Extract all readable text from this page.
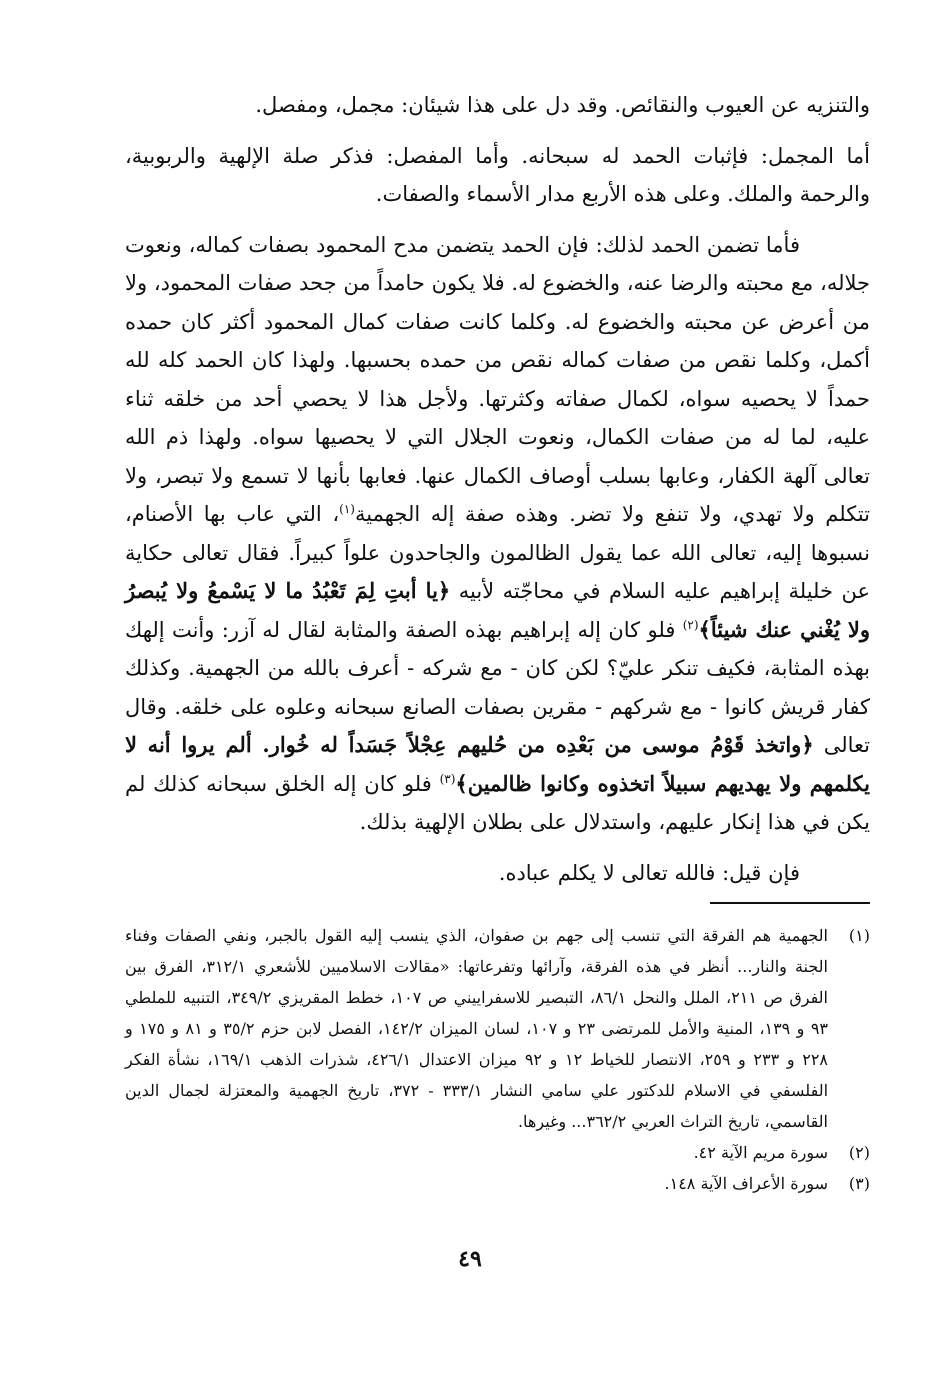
والتنزيه عن العيوب والنقائص. وقد دل على هذا شيئان: مجمل، ومفصل.

أما المجمل: فإثبات الحمد له سبحانه. وأما المفصل: فذكر صلة الإلهية والربوبية، والرحمة والملك. وعلى هذه الأربع مدار الأسماء والصفات.

فأما تضمن الحمد لذلك: فإن الحمد يتضمن مدح المحمود بصفات كماله، ونعوت جلاله، مع محبته والرضا عنه، والخضوع له. فلا يكون حامداً من جحد صفات المحمود، ولا من أعرض عن محبته والخضوع له. وكلما كانت صفات كمال المحمود أكثر كان حمده أكمل، وكلما نقص من صفات كماله نقص من حمده بحسبها. ولهذا كان الحمد كله لله حمداً لا يحصيه سواه، لكمال صفاته وكثرتها. ولأجل هذا لا يحصي أحد من خلقه ثناء عليه، لما له من صفات الكمال، ونعوت الجلال التي لا يحصيها سواه. ولهذا ذم الله تعالى آلهة الكفار، وعابها بسلب أوصاف الكمال عنها. فعابها بأنها لا تسمع ولا تبصر، ولا تتكلم ولا تهدي، ولا تنفع ولا تضر. وهذه صفة إله الجهمية$^{(١)}$، التي عاب بها الأصنام، نسبوها إليه، تعالى الله عما يقول الظالمون والجاحدون علواً كبيراً. فقال تعالى حكاية عن خليلة إبراهيم عليه السلام في محاجّته لأبيه ﴿يا أبتِ لِمَ تَعْبُدُ ما لا يَسْمعُ ولا يُبصرُ ولا يُغْني عنك شيئاً﴾$^{(٢)}$ فلو كان إله إبراهيم بهذه الصفة والمثابة لقال له آزر: وأنت إلهك بهذه المثابة، فكيف تنكر عليّ؟ لكن كان - مع شركه - أعرف بالله من الجهمية. وكذلك كفار قريش كانوا - مع شركهم - مقرين بصفات الصانع سبحانه وعلوه على خلقه. وقال تعالى ﴿واتخذ قَوْمُ موسى من بَعْدِه من حُليهم عِجْلاً جَسَداً له خُوار. ألم يروا أنه لا يكلمهم ولا يهديهم سبيلاً اتخذوه وكانوا ظالمين﴾$^{(٣)}$ فلو كان إله الخلق سبحانه كذلك لم يكن في هذا إنكار عليهم، واستدلال على بطلان الإلهية بذلك.

فإن قيل: فالله تعالى لا يكلم عباده.

(١)
الجهمية هم الفرقة التي تنسب إلى جهم بن صفوان، الذي ينسب إليه القول بالجبر، ونفي الصفات وفناء الجنة والنار... أنظر في هذه الفرقة، وآرائها وتفرعاتها: «مقالات الاسلاميين للأشعري ٣١٢/١، الفرق بين الفرق ص ٢١١، الملل والنحل ٨٦/١، التبصير للاسفراييني ص ١٠٧، خطط المقريزي ٣٤٩/٢، التنبيه للملطي ٩٣ و ١٣٩، المنية والأمل للمرتضى ٢٣ و ١٠٧، لسان الميزان ١٤٢/٢، الفصل لابن حزم ٣٥/٢ و ٨١ و ١٧٥ و ٢٢٨ و ٢٣٣ و ٢٥٩، الانتصار للخياط ١٢ و ٩٢ ميزان الاعتدال ٤٢٦/١، شذرات الذهب ١٦٩/١، نشأة الفكر الفلسفي في الاسلام للدكتور علي سامي النشار ٣٣٣/١ - ٣٧٢، تاريخ الجهمية والمعتزلة لجمال الدين القاسمي، تاريخ التراث العربي ٣٦٢/٢... وغيرها.
(٢)
سورة مريم الآية ٤٢.
(٣)
سورة الأعراف الآية ١٤٨.
٤٩
